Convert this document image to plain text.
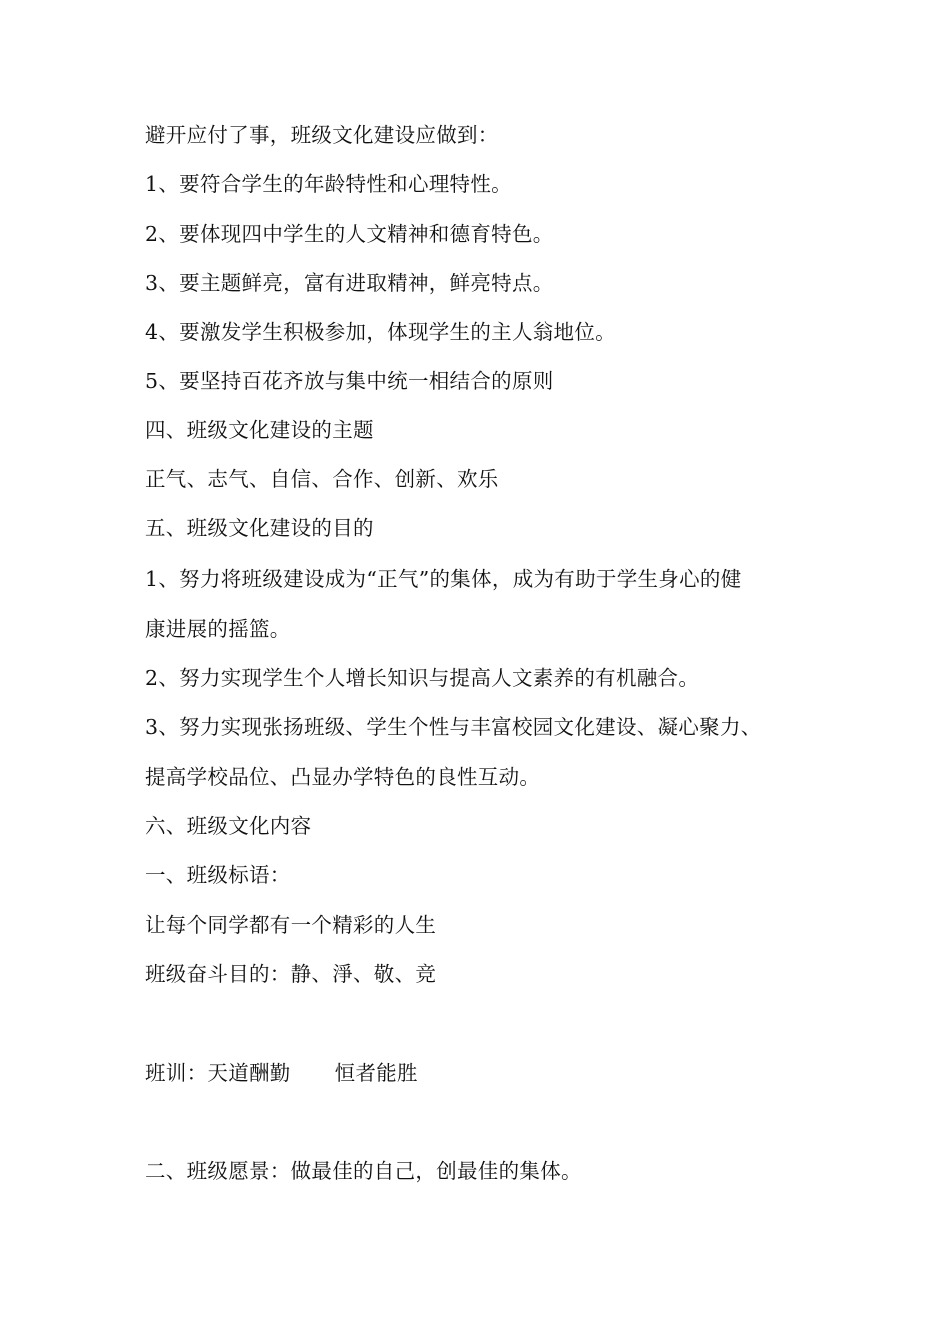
避开应付了事，班级文化建设应做到：
1、要符合学生的年龄特性和心理特性。
2、要体现四中学生的人文精神和德育特色。
3、要主题鲜亮，富有进取精神，鲜亮特点。
4、要激发学生积极参加，体现学生的主人翁地位。
5、要坚持百花齐放与集中统一相结合的原则
四、班级文化建设的主题
正气、志气、自信、合作、创新、欢乐
五、班级文化建设的目的
1、努力将班级建设成为“正气”的集体，成为有助于学生身心的健
康进展的摇篮。
2、努力实现学生个人增长知识与提高人文素养的有机融合。
3、努力实现张扬班级、学生个性与丰富校园文化建设、凝心聚力、
提高学校品位、凸显办学特色的良性互动。
六、班级文化内容
一、班级标语：
让每个同学都有一个精彩的人生
班级奋斗目的：静、淨、敬、竞
班训：天道酬勤 恒者能胜
二、班级愿景：做最佳的自己，创最佳的集体。
